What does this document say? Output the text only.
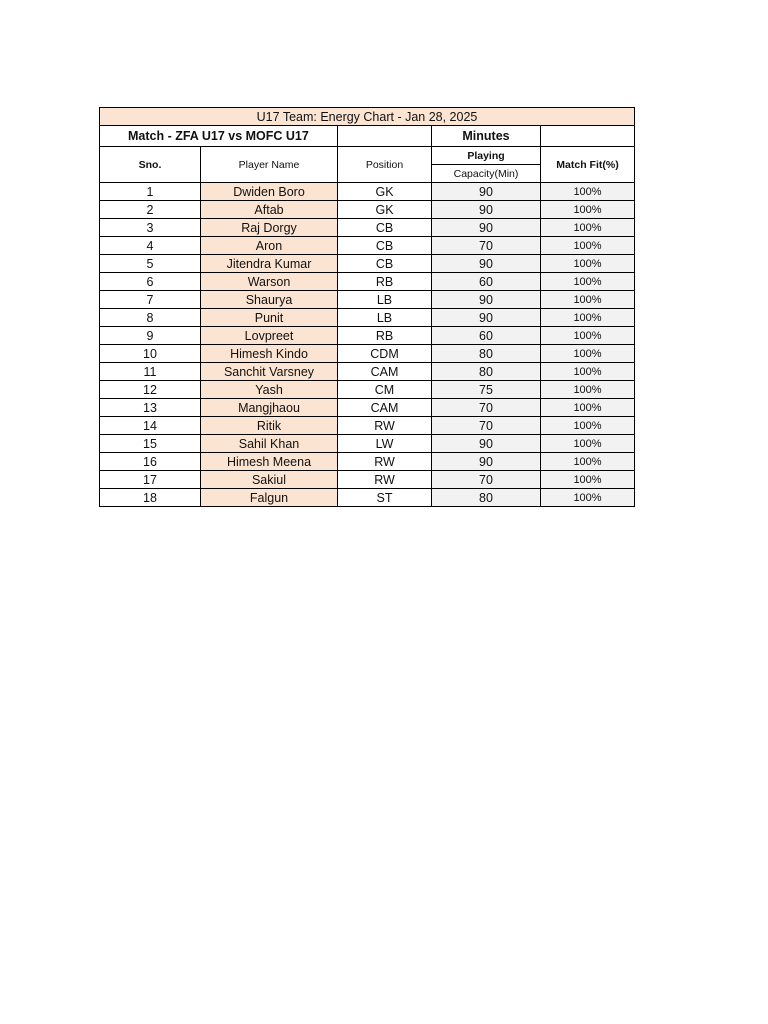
U17 Team: Energy Chart - Jan 28, 2025				
Match - ZFA U17 vs MOFC U17			Minutes	
Sno.	Player Name	Position	Playing	Match Fit(%)
			Capacity(Min)	
1	Dwiden Boro	GK	90	100%
2	Aftab	GK	90	100%
3	Raj Dorgy	CB	90	100%
4	Aron	CB	70	100%
5	Jitendra Kumar	CB	90	100%
6	Warson	RB	60	100%
7	Shaurya	LB	90	100%
8	Punit	LB	90	100%
9	Lovpreet	RB	60	100%
10	Himesh Kindo	CDM	80	100%
11	Sanchit Varsney	CAM	80	100%
12	Yash	CM	75	100%
13	Mangjhaou	CAM	70	100%
14	Ritik	RW	70	100%
15	Sahil Khan	LW	90	100%
16	Himesh Meena	RW	90	100%
17	Sakiul	RW	70	100%
18	Falgun	ST	80	100%
